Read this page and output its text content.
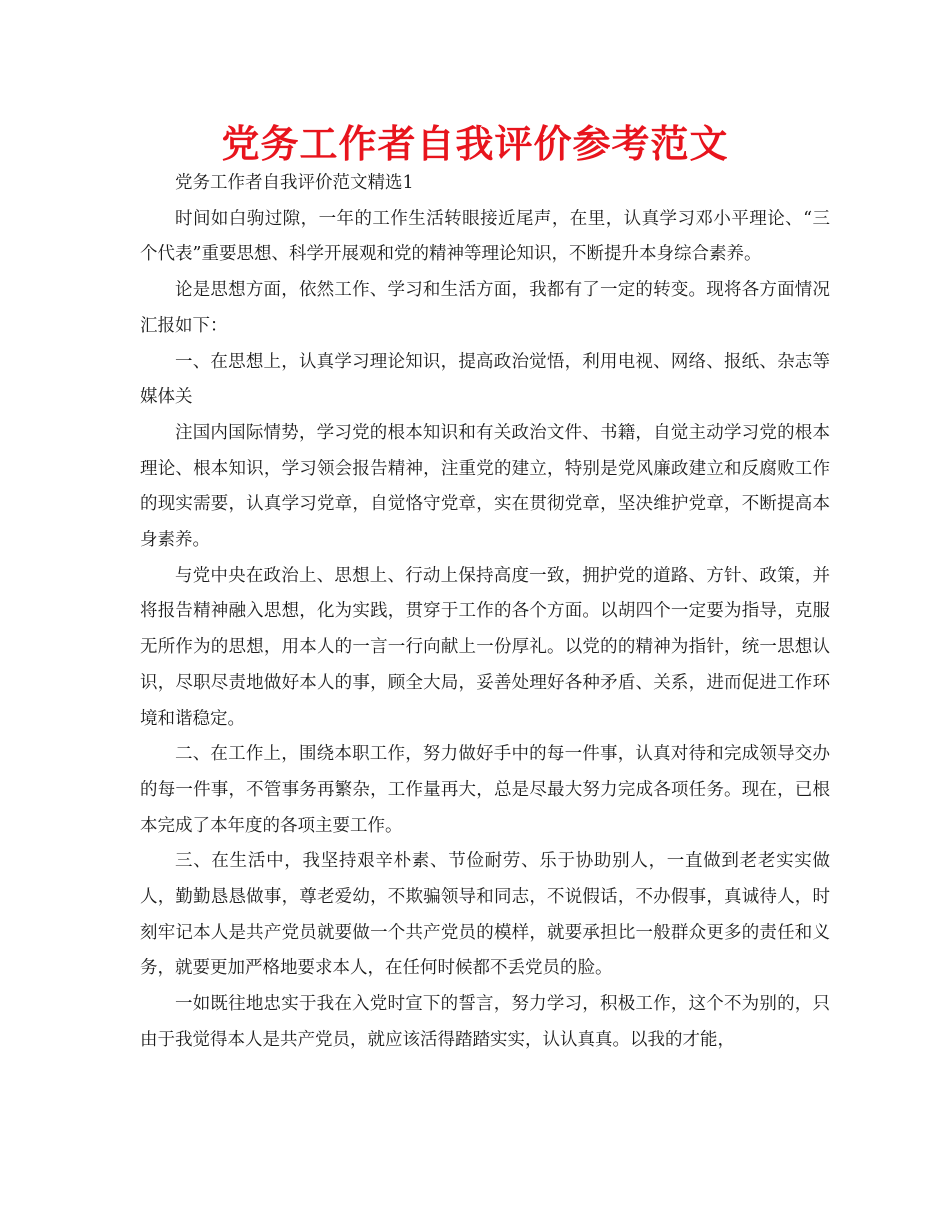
党务工作者自我评价参考范文

党务工作者自我评价范文精选1

时间如白驹过隙，一年的工作生活转眼接近尾声，在里，认真学习邓小平理论、“三个代表”重要思想、科学开展观和党的精神等理论知识，不断提升本身综合素养。

论是思想方面，依然工作、学习和生活方面，我都有了一定的转变。现将各方面情况汇报如下：

一、在思想上，认真学习理论知识，提高政治觉悟，利用电视、网络、报纸、杂志等媒体关

注国内国际情势，学习党的根本知识和有关政治文件、书籍，自觉主动学习党的根本理论、根本知识，学习领会报告精神，注重党的建立，特别是党风廉政建立和反腐败工作的现实需要，认真学习党章，自觉恪守党章，实在贯彻党章，坚决维护党章，不断提高本身素养。

与党中央在政治上、思想上、行动上保持高度一致，拥护党的道路、方针、政策，并将报告精神融入思想，化为实践，贯穿于工作的各个方面。以胡四个一定要为指导，克服无所作为的思想，用本人的一言一行向献上一份厚礼。以党的的精神为指针，统一思想认识，尽职尽责地做好本人的事，顾全大局，妥善处理好各种矛盾、关系，进而促进工作环境和谐稳定。

二、在工作上，围绕本职工作，努力做好手中的每一件事，认真对待和完成领导交办的每一件事，不管事务再繁杂，工作量再大，总是尽最大努力完成各项任务。现在，已根本完成了本年度的各项主要工作。

三、在生活中，我坚持艰辛朴素、节俭耐劳、乐于协助别人，一直做到老老实实做人，勤勤恳恳做事，尊老爱幼，不欺骗领导和同志，不说假话，不办假事，真诚待人，时刻牢记本人是共产党员就要做一个共产党员的模样，就要承担比一般群众更多的责任和义务，就要更加严格地要求本人，在任何时候都不丢党员的脸。

一如既往地忠实于我在入党时宣下的誓言，努力学习，积极工作，这个不为别的，只由于我觉得本人是共产党员，就应该活得踏踏实实，认认真真。以我的才能，
